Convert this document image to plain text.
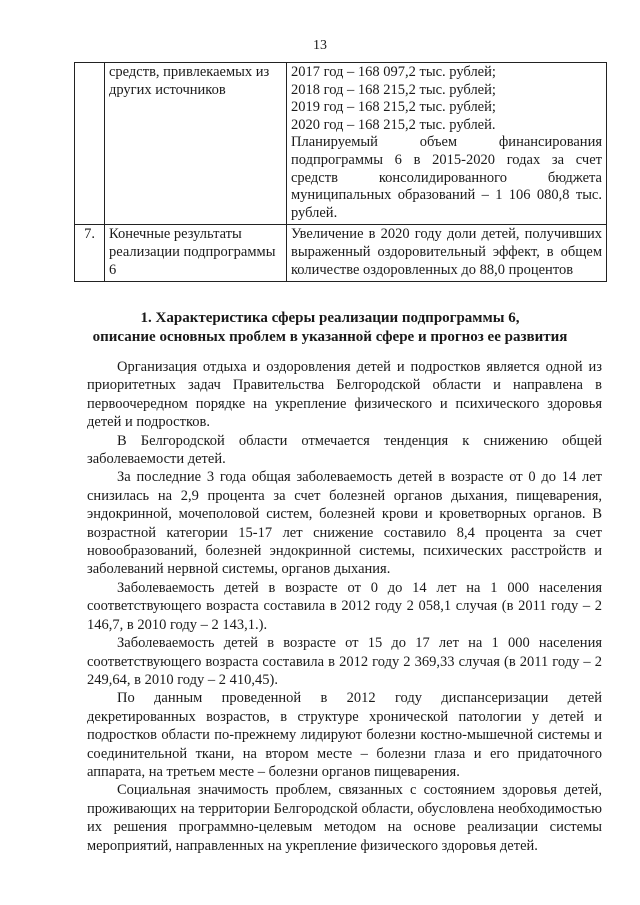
13
	средств, привлекаемых из других источников	2017 год – 168 097,2 тыс. рублей;
2018 год – 168 215,2 тыс. рублей;
2019 год – 168 215,2 тыс. рублей;
2020 год – 168 215,2 тыс. рублей.
Планируемый объем финансирования подпрограммы 6 в 2015-2020 годах за счет средств консолидированного бюджета муниципальных образований – 1 106 080,8 тыс. рублей.

7.	Конечные результаты реализации подпрограммы 6	Увеличение в 2020 году доли детей, получивших выраженный оздоровительный эффект, в общем количестве оздоровленных до 88,0 процентов
1. Характеристика сферы реализации подпрограммы 6,
описание основных проблем в указанной сфере и прогноз ее развития

Организация отдыха и оздоровления детей и подростков является одной из приоритетных задач Правительства Белгородской области и направлена в первоочередном порядке на укрепление физического и психического здоровья детей и подростков.

В Белгородской области отмечается тенденция к снижению общей заболеваемости детей.

За последние 3 года общая заболеваемость детей в возрасте от 0 до 14 лет снизилась на 2,9 процента за счет болезней органов дыхания, пищеварения, эндокринной, мочеполовой систем, болезней крови и кроветворных органов. В возрастной категории 15-17 лет снижение составило 8,4 процента за счет новообразований, болезней эндокринной системы, психических расстройств и заболеваний нервной системы, органов дыхания.

Заболеваемость детей в возрасте от 0 до 14 лет на 1 000 населения соответствующего возраста составила в 2012 году 2 058,1 случая (в 2011 году – 2 146,7, в 2010 году – 2 143,1.).

Заболеваемость детей в возрасте от 15 до 17 лет на 1 000 населения соответствующего возраста составила в 2012 году 2 369,33 случая (в 2011 году – 2 249,64, в 2010 году – 2 410,45).

По данным проведенной в 2012 году диспансеризации детей декретированных возрастов, в структуре хронической патологии у детей и подростков области по-прежнему лидируют болезни костно-мышечной системы и соединительной ткани, на втором месте – болезни глаза и его придаточного аппарата, на третьем месте – болезни органов пищеварения.

Социальная значимость проблем, связанных с состоянием здоровья детей, проживающих на территории Белгородской области, обусловлена необходимостью их решения программно-целевым методом на основе реализации системы мероприятий, направленных на укрепление физического здоровья детей.
